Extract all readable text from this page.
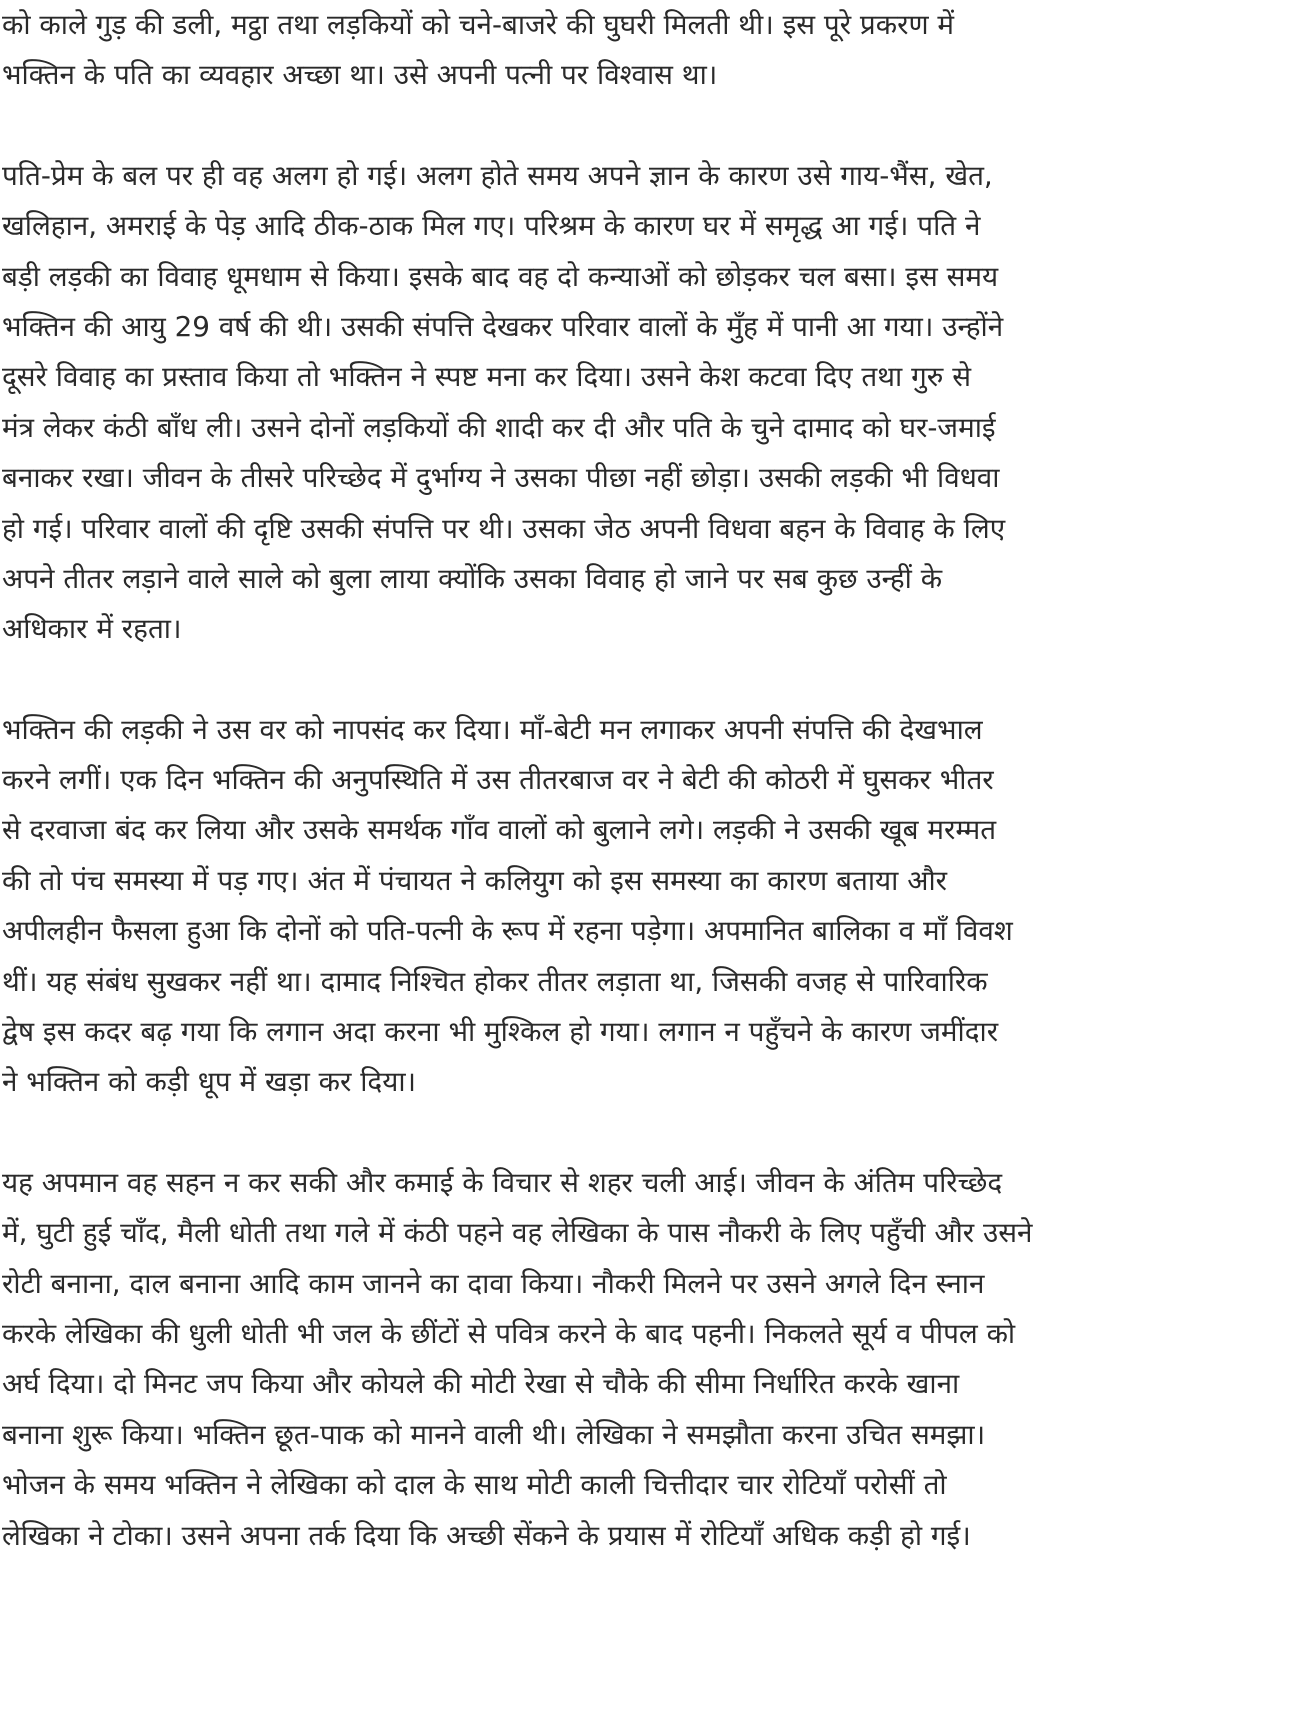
को काले गुड़ की डली, मट्ठा तथा लड़कियों को चने-बाजरे की घुघरी मिलती थी। इस पूरे प्रकरण में
भक्तिन के पति का व्यवहार अच्छा था। उसे अपनी पत्नी पर विश्वास था।
पति-प्रेम के बल पर ही वह अलग हो गई। अलग होते समय अपने ज्ञान के कारण उसे गाय-भैंस, खेत,
खलिहान, अमराई के पेड़ आदि ठीक-ठाक मिल गए। परिश्रम के कारण घर में समृद्ध आ गई। पति ने
बड़ी लड़की का विवाह धूमधाम से किया। इसके बाद वह दो कन्याओं को छोड़कर चल बसा। इस समय
भक्तिन की आयु 29 वर्ष की थी। उसकी संपत्ति देखकर परिवार वालों के मुँह में पानी आ गया। उन्होंने
दूसरे विवाह का प्रस्ताव किया तो भक्तिन ने स्पष्ट मना कर दिया। उसने केश कटवा दिए तथा गुरु से
मंत्र लेकर कंठी बाँध ली। उसने दोनों लड़कियों की शादी कर दी और पति के चुने दामाद को घर-जमाई
बनाकर रखा। जीवन के तीसरे परिच्छेद में दुर्भाग्य ने उसका पीछा नहीं छोड़ा। उसकी लड़की भी विधवा
हो गई। परिवार वालों की दृष्टि उसकी संपत्ति पर थी। उसका जेठ अपनी विधवा बहन के विवाह के लिए
अपने तीतर लड़ाने वाले साले को बुला लाया क्योंकि उसका विवाह हो जाने पर सब कुछ उन्हीं के
अधिकार में रहता।
भक्तिन की लड़की ने उस वर को नापसंद कर दिया। माँ-बेटी मन लगाकर अपनी संपत्ति की देखभाल
करने लगीं। एक दिन भक्तिन की अनुपस्थिति में उस तीतरबाज वर ने बेटी की कोठरी में घुसकर भीतर
से दरवाजा बंद कर लिया और उसके समर्थक गाँव वालों को बुलाने लगे। लड़की ने उसकी खूब मरम्मत
की तो पंच समस्या में पड़ गए। अंत में पंचायत ने कलियुग को इस समस्या का कारण बताया और
अपीलहीन फैसला हुआ कि दोनों को पति-पत्नी के रूप में रहना पड़ेगा। अपमानित बालिका व माँ विवश
थीं। यह संबंध सुखकर नहीं था। दामाद निश्चित होकर तीतर लड़ाता था, जिसकी वजह से पारिवारिक
द्वेष इस कदर बढ़ गया कि लगान अदा करना भी मुश्किल हो गया। लगान न पहुँचने के कारण जमींदार
ने भक्तिन को कड़ी धूप में खड़ा कर दिया।
यह अपमान वह सहन न कर सकी और कमाई के विचार से शहर चली आई। जीवन के अंतिम परिच्छेद
में, घुटी हुई चाँद, मैली धोती तथा गले में कंठी पहने वह लेखिका के पास नौकरी के लिए पहुँची और उसने
रोटी बनाना, दाल बनाना आदि काम जानने का दावा किया। नौकरी मिलने पर उसने अगले दिन स्नान
करके लेखिका की धुली धोती भी जल के छींटों से पवित्र करने के बाद पहनी। निकलते सूर्य व पीपल को
अर्घ दिया। दो मिनट जप किया और कोयले की मोटी रेखा से चौके की सीमा निर्धारित करके खाना
बनाना शुरू किया। भक्तिन छूत-पाक को मानने वाली थी। लेखिका ने समझौता करना उचित समझा।
भोजन के समय भक्तिन ने लेखिका को दाल के साथ मोटी काली चित्तीदार चार रोटियाँ परोसीं तो
लेखिका ने टोका। उसने अपना तर्क दिया कि अच्छी सेंकने के प्रयास में रोटियाँ अधिक कड़ी हो गई।
